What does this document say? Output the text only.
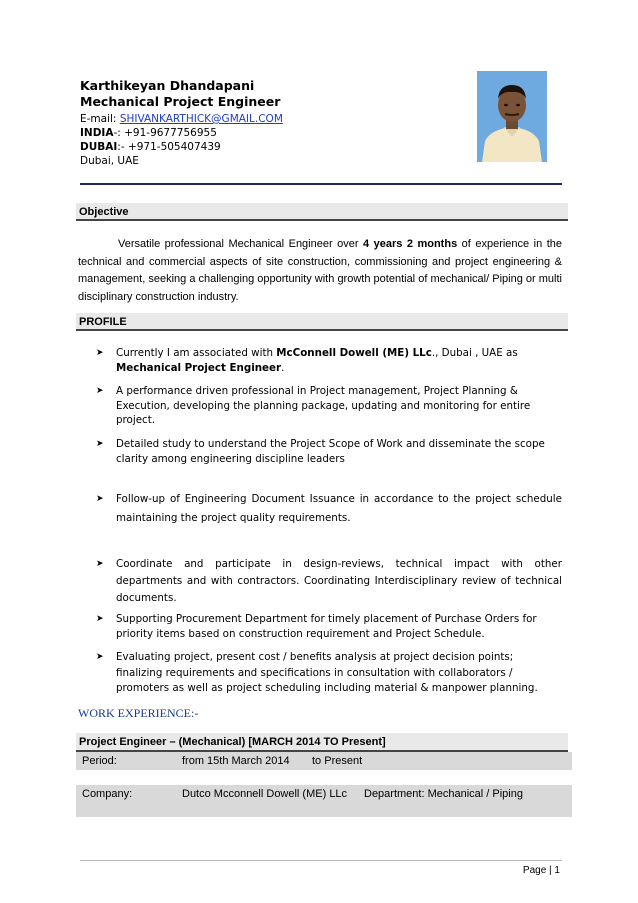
Karthikeyan Dhandapani
Mechanical Project Engineer
E-mail: SHIVANKARTHICK@GMAIL.COM
INDIA-: +91-9677756955
DUBAI:- +971-505407439
Dubai, UAE
Objective
Versatile professional Mechanical Engineer over 4 years 2 months of experience in the technical and commercial aspects of site construction, commissioning and project engineering & management, seeking a challenging opportunity with growth potential of mechanical/ Piping or multi disciplinary construction industry.
PROFILE
➤ Currently I am associated with McConnell Dowell (ME) LLc., Dubai , UAE as
Mechanical Project Engineer.
➤ A performance driven professional in Project management, Project Planning & Execution, developing the planning package, updating and monitoring for entire project.
➤ Detailed study to understand the Project Scope of Work and disseminate the scope clarity among engineering discipline leaders
➤ Follow-up of Engineering Document Issuance in accordance to the project schedule maintaining the project quality requirements.
➤ Coordinate and participate in design-reviews, technical impact with other departments and with contractors. Coordinating Interdisciplinary review of technical documents.
➤ Supporting Procurement Department for timely placement of Purchase Orders for priority items based on construction requirement and Project Schedule.
➤ Evaluating project, present cost / benefits analysis at project decision points; finalizing requirements and specifications in consultation with collaborators / promoters as well as project scheduling including material & manpower planning.
WORK EXPERIENCE:-
Project Engineer – (Mechanical) [MARCH 2014 TO Present]
Period:	from 15th March 2014 to Present
Company:	Dutco Mcconnell Dowell (ME) LLc Department: Mechanical / Piping
Page | 1
